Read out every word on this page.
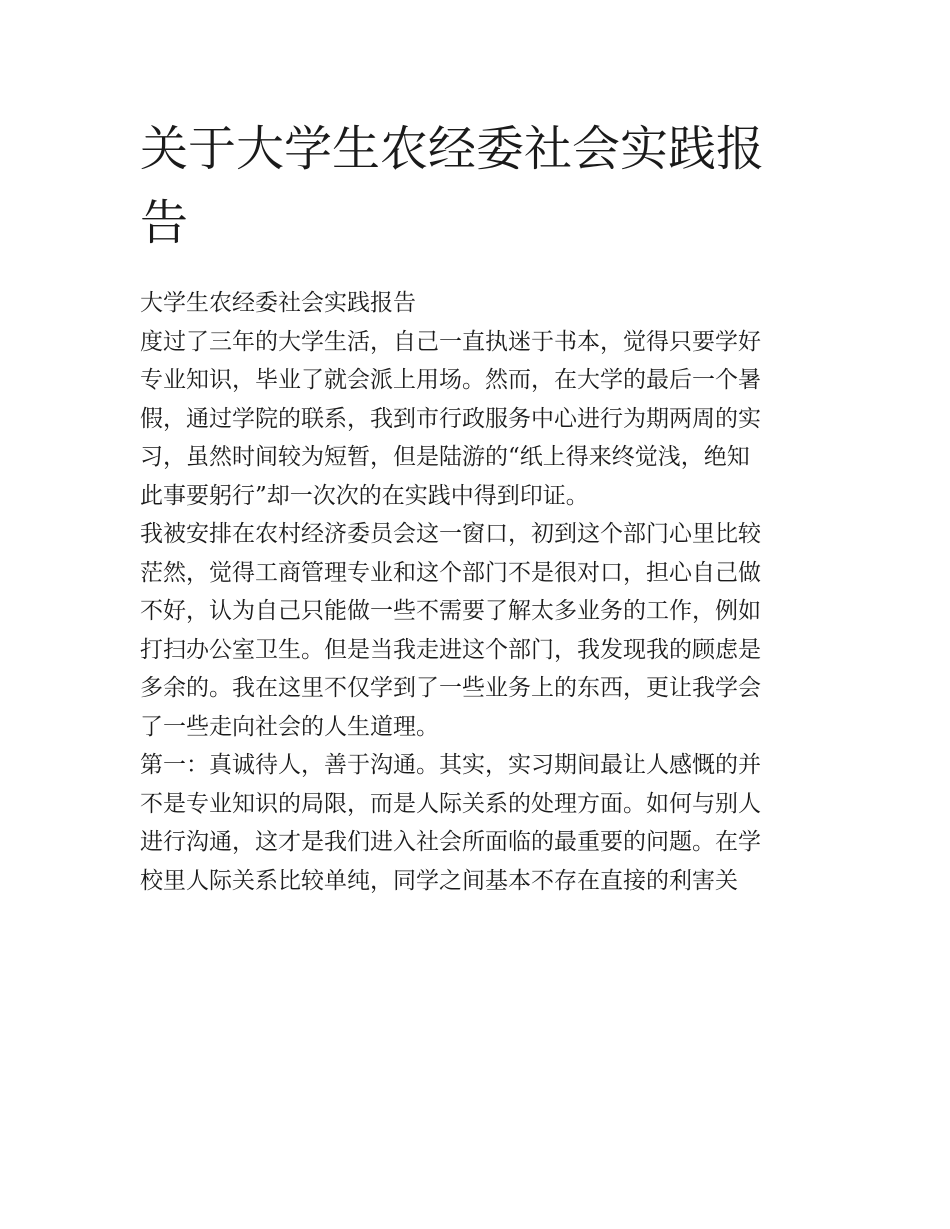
关于大学生农经委社会实践报
告

大学生农经委社会实践报告

度过了三年的大学生活，自己一直执迷于书本，觉得只要学好
专业知识，毕业了就会派上用场。然而，在大学的最后一个暑
假，通过学院的联系，我到市行政服务中心进行为期两周的实
习，虽然时间较为短暂，但是陆游的“纸上得来终觉浅，绝知
此事要躬行”却一次次的在实践中得到印证。

我被安排在农村经济委员会这一窗口，初到这个部门心里比较
茫然，觉得工商管理专业和这个部门不是很对口，担心自己做
不好，认为自己只能做一些不需要了解太多业务的工作，例如
打扫办公室卫生。但是当我走进这个部门，我发现我的顾虑是
多余的。我在这里不仅学到了一些业务上的东西，更让我学会
了一些走向社会的人生道理。

第一：真诚待人，善于沟通。其实，实习期间最让人感慨的并
不是专业知识的局限，而是人际关系的处理方面。如何与别人
进行沟通，这才是我们进入社会所面临的最重要的问题。在学
校里人际关系比较单纯，同学之间基本不存在直接的利害关
